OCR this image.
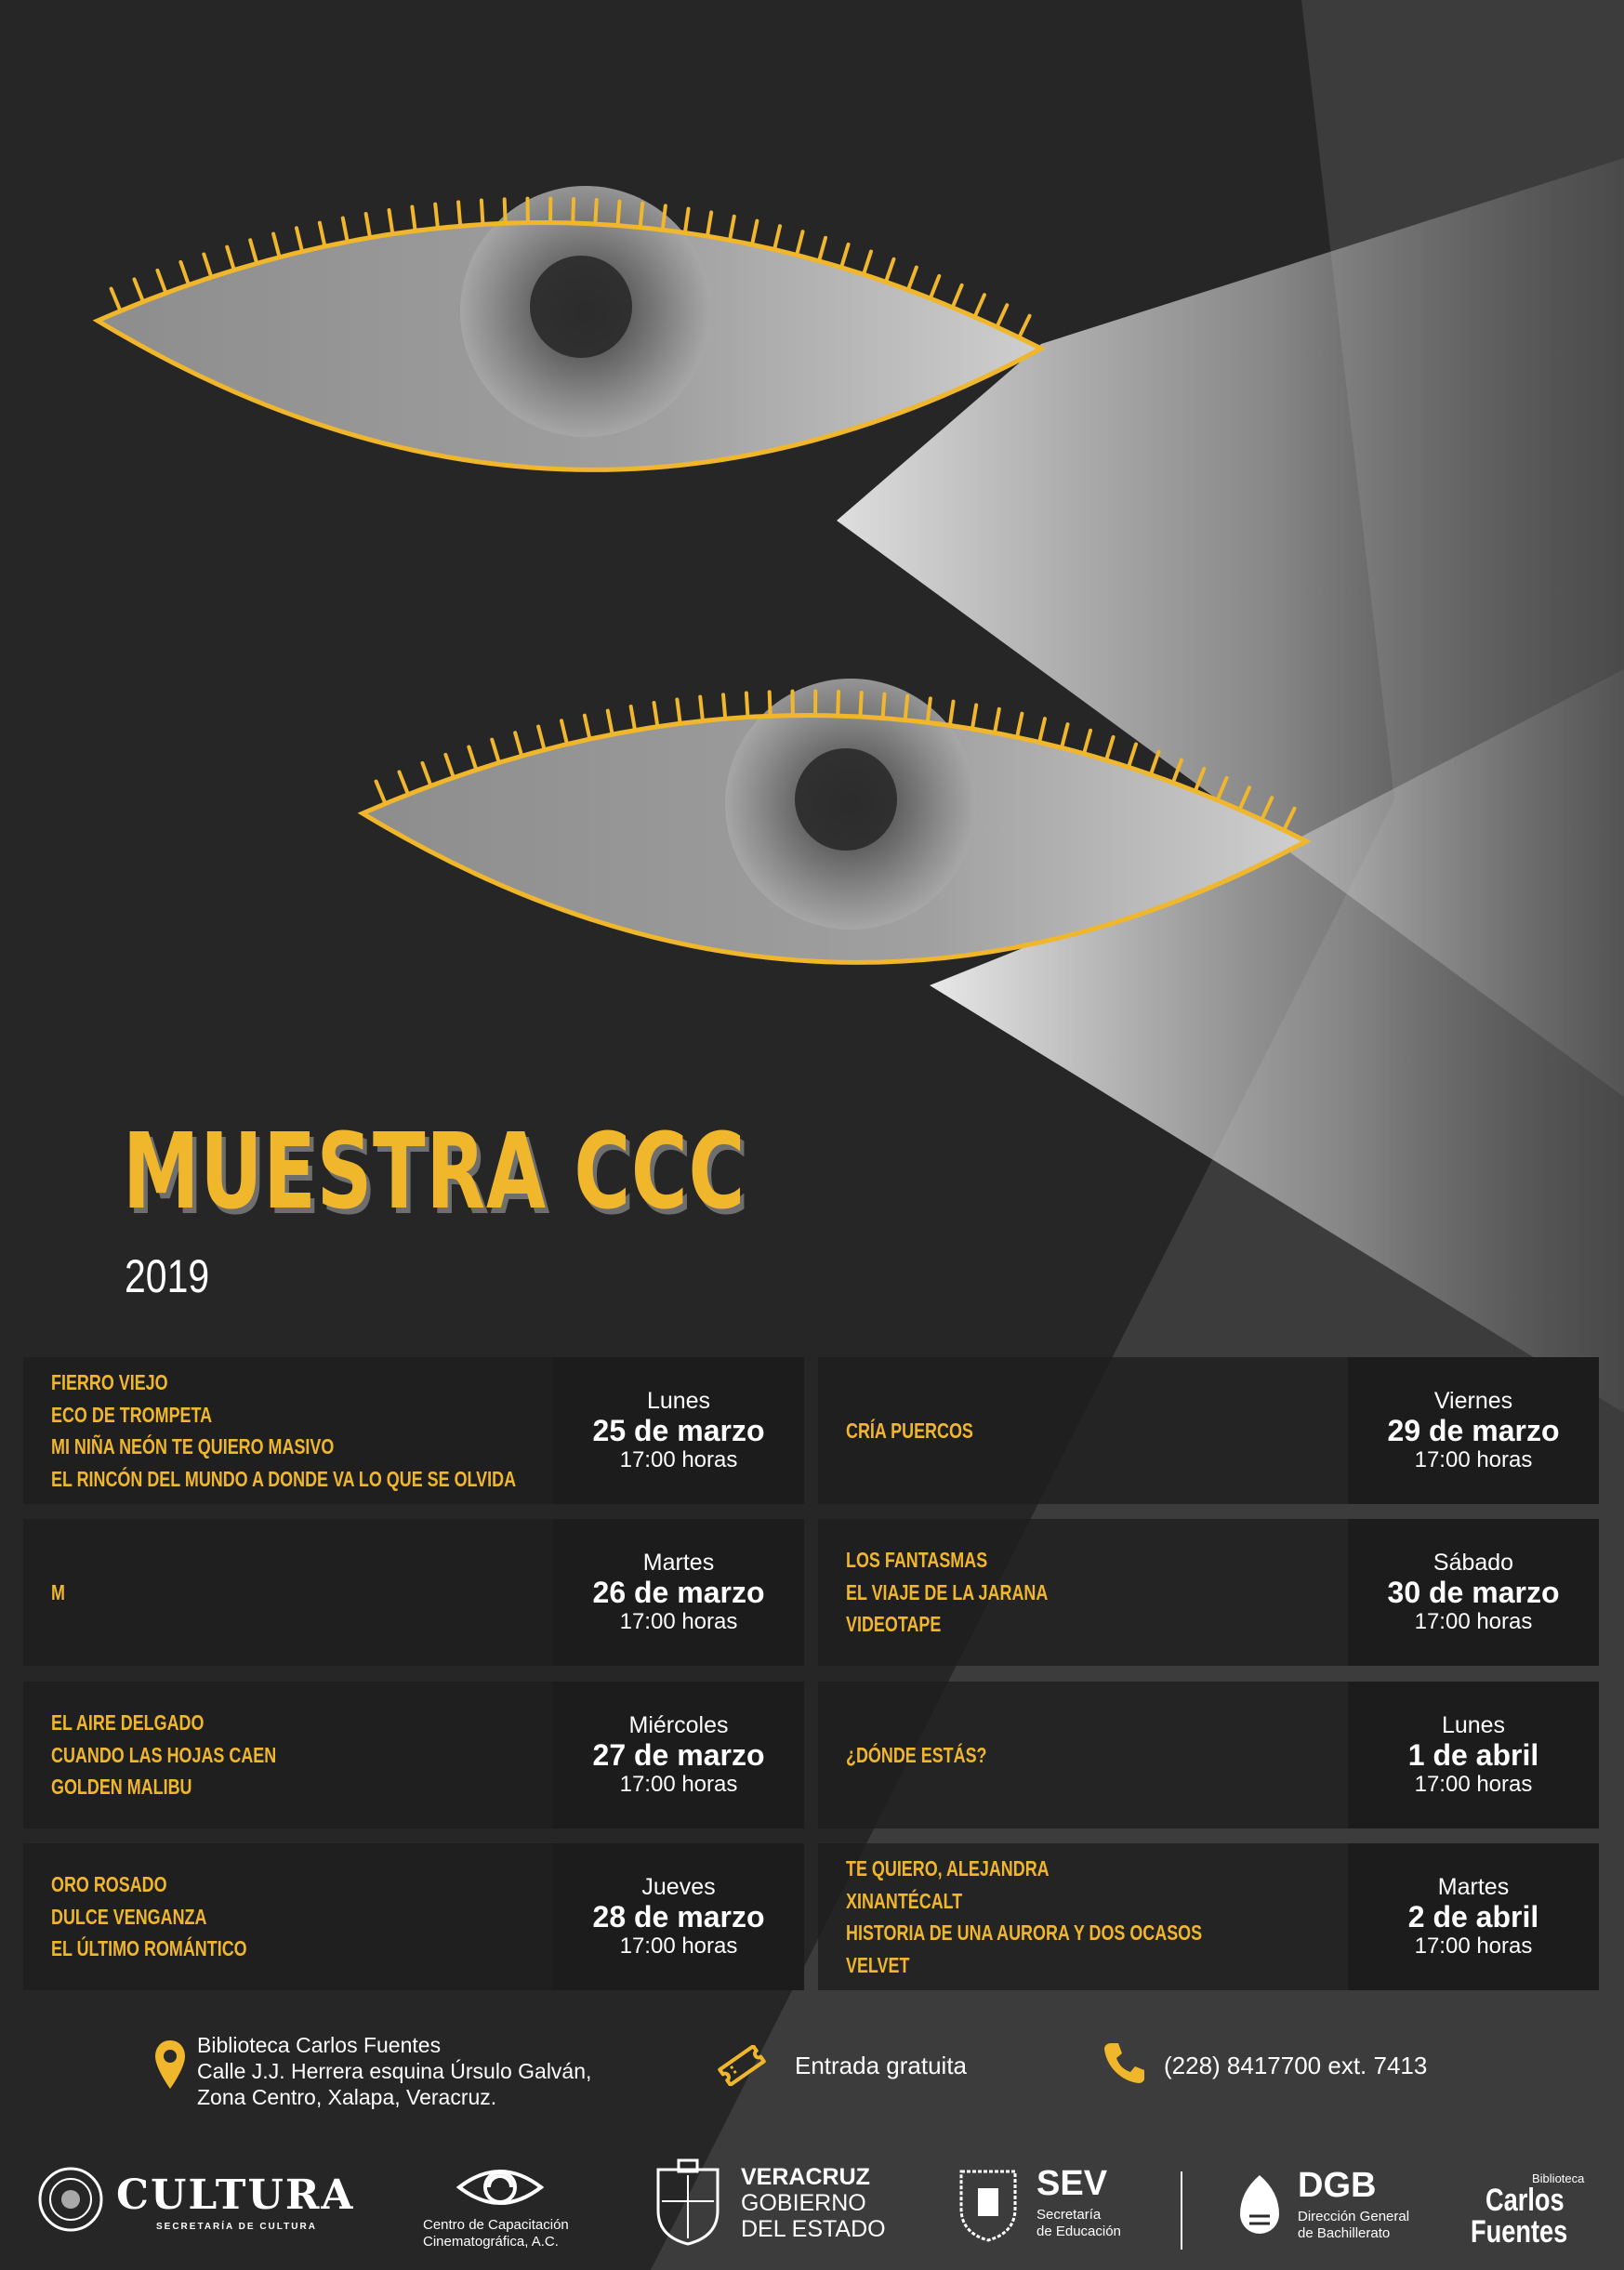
MUESTRA CCC
2019
FIERRO VIEJO
ECO DE TROMPETA
MI NIÑA NEÓN TE QUIERO MASIVO
EL RINCÓN DEL MUNDO A DONDE VA LO QUE SE OLVIDA
Lunes
25 de marzo
17:00 horas
M
Martes
26 de marzo
17:00 horas
EL AIRE DELGADO
CUANDO LAS HOJAS CAEN
GOLDEN MALIBU
Miércoles
27 de marzo
17:00 horas
ORO ROSADO
DULCE VENGANZA
EL ÚLTIMO ROMÁNTICO
Jueves
28 de marzo
17:00 horas
CRÍA PUERCOS
Viernes
29 de marzo
17:00 horas
LOS FANTASMAS
EL VIAJE DE LA JARANA
VIDEOTAPE
Sábado
30 de marzo
17:00 horas
¿DÓNDE ESTÁS?
Lunes
1 de abril
17:00 horas
TE QUIERO, ALEJANDRA
XINANTÉCALT
HISTORIA DE UNA AURORA Y DOS OCASOS
VELVET
Martes
2 de abril
17:00 horas
Biblioteca Carlos Fuentes
Calle J.J. Herrera esquina Úrsulo Galván,
Zona Centro, Xalapa, Veracruz.
Entrada gratuita	(228) 8417700 ext. 7413
CULTURA
SECRETARÍA DE CULTURA	Centro de Capacitación
Cinematográfica, A.C.
VERACRUZ
GOBIERNO
DEL ESTADO
SEV
Secretaría
de Educación
DGB
Dirección General
de Bachillerato
Biblioteca
Carlos
Fuentes
